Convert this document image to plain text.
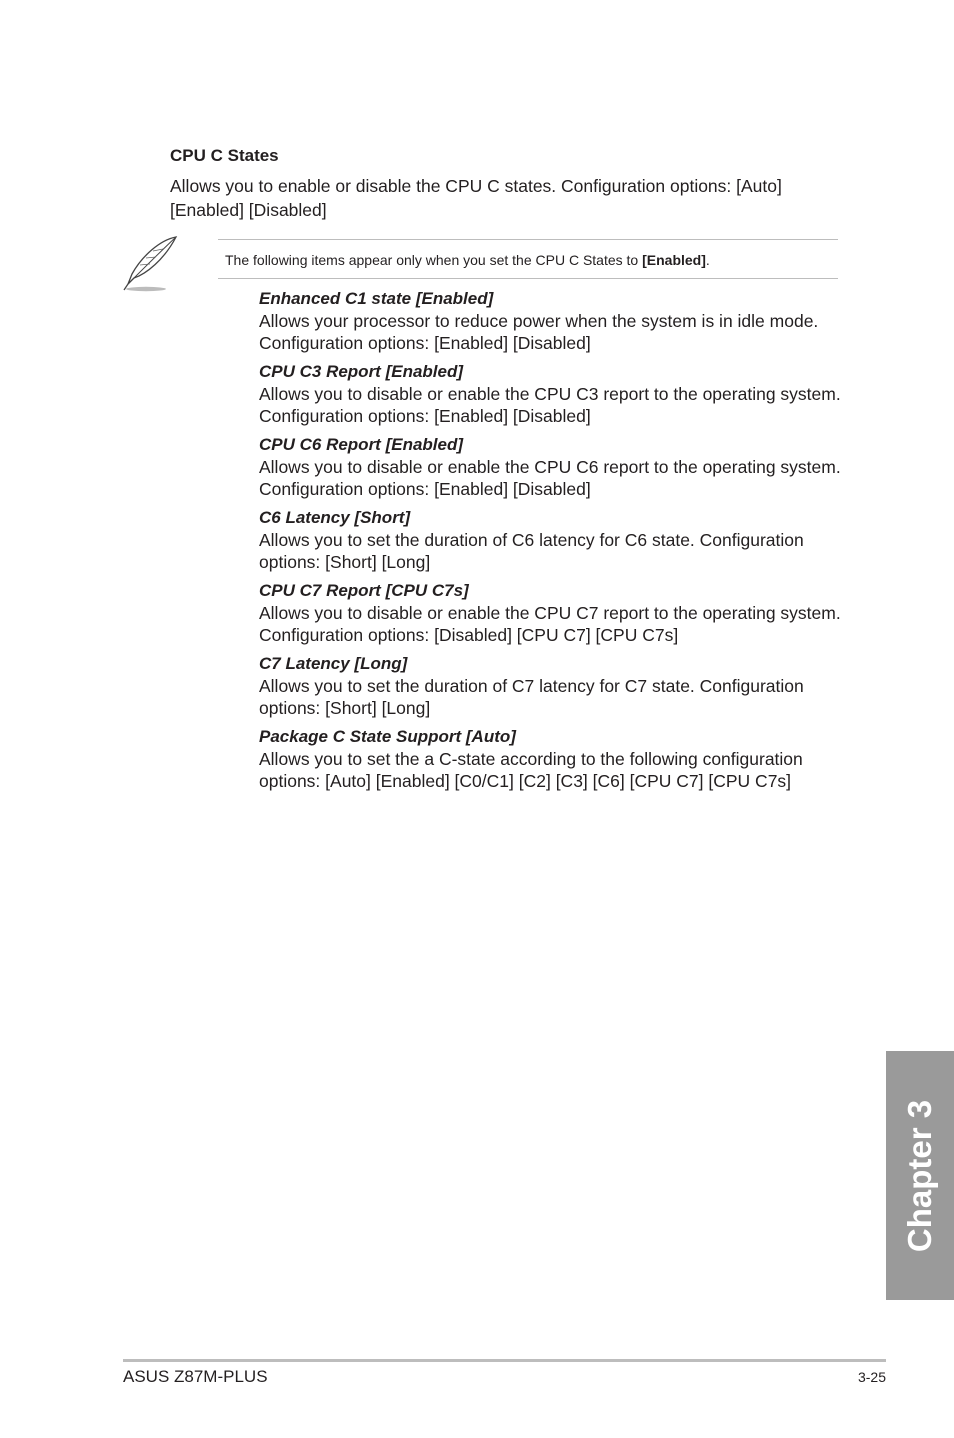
CPU C States

Allows you to enable or disable the CPU C states. Configuration options: [Auto] [Enabled] [Disabled]

The following items appear only when you set the CPU C States to [Enabled].

Enhanced C1 state [Enabled]

Allows your processor to reduce power when the system is in idle mode. Configuration options: [Enabled] [Disabled]

CPU C3 Report [Enabled]

Allows you to disable or enable the CPU C3 report to the operating system. Configuration options: [Enabled] [Disabled]

CPU C6 Report [Enabled]

Allows you to disable or enable the CPU C6 report to the operating system. Configuration options: [Enabled] [Disabled]

C6 Latency [Short]

Allows you to set the duration of C6 latency for C6 state. Configuration options: [Short] [Long]

CPU C7 Report [CPU C7s]

Allows you to disable or enable the CPU C7 report to the operating system. Configuration options: [Disabled] [CPU C7] [CPU C7s]

C7 Latency [Long]

Allows you to set the duration of C7 latency for C7 state. Configuration options: [Short] [Long]

Package C State Support [Auto]

Allows you to set the a C-state according to the following configuration options: [Auto] [Enabled] [C0/C1] [C2] [C3] [C6] [CPU C7] [CPU C7s]

Chapter 3
ASUS Z87M-PLUS	3-25
